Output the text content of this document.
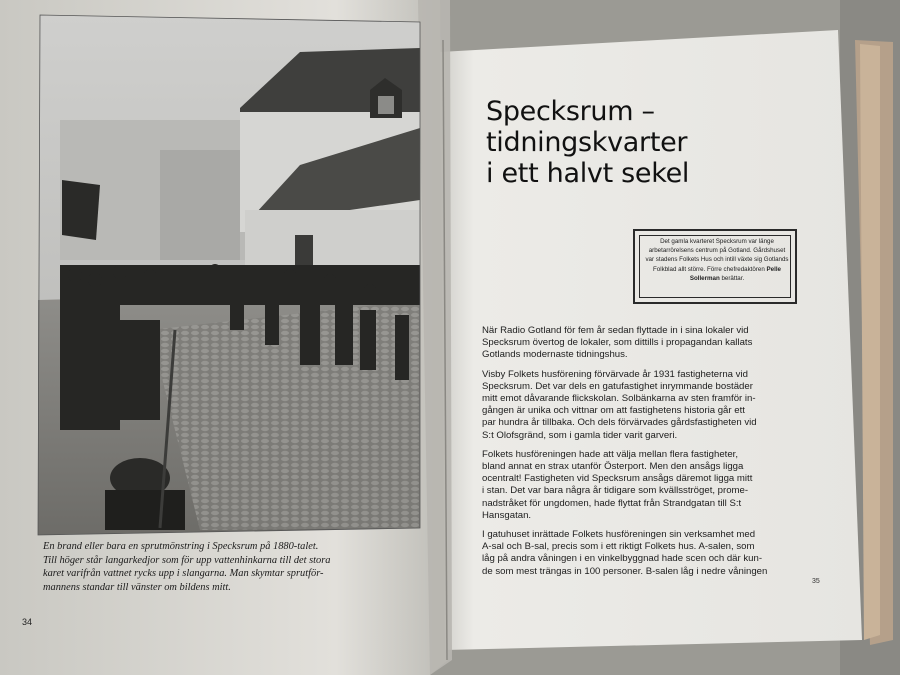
Specksrum –
tidningskvarter
i ett halvt sekel
Det gamla kvarteret Specksrum var länge arbetarrörelsens centrum på Gotland. Gårdshuset var stadens Folkets Hus och intill växte sig Gotlands Folkblad allt större. Förre chefredaktören Pelle Sollerman berättar.

När Radio Gotland för fem år sedan flyttade in i sina lokaler vid
Specksrum övertog de lokaler, som dittills i propagandan kallats
Gotlands modernaste tidningshus.

Visby Folkets husförening förvärvade år 1931 fastigheterna vid
Specksrum. Det var dels en gatufastighet inrymmande bostäder
mitt emot dåvarande flickskolan. Solbänkarna av sten framför in-
gången är unika och vittnar om att fastighetens historia går ett
par hundra år tillbaka. Och dels förvärvades gårdsfastigheten vid
S:t Olofsgränd, som i gamla tider varit garveri.

Folkets husföreningen hade att välja mellan flera fastigheter,
bland annat en strax utanför Österport. Men den ansågs ligga
ocentralt! Fastigheten vid Specksrum ansågs däremot ligga mitt
i stan. Det var bara några år tidigare som kvällsströget, prome-
nadstråket för ungdomen, hade flyttat från Strandgatan till S:t
Hansgatan.

I gatuhuset inrättade Folkets husföreningen sin verksamhet med
A-sal och B-sal, precis som i ett riktigt Folkets hus. A-salen, som
låg på andra våningen i en vinkelbyggnad hade scen och där kun-
de som mest trängas in 100 personer. B-salen låg i nedre våningen

En brand eller bara en sprutmönstring i Specksrum på 1880-talet.
Till höger står langarkedjor som för upp vattenhinkarna till det stora
karet varifrån vattnet rycks upp i slangarna. Man skymtar sprutför-
mannens standar till vänster om bildens mitt.
34
35
